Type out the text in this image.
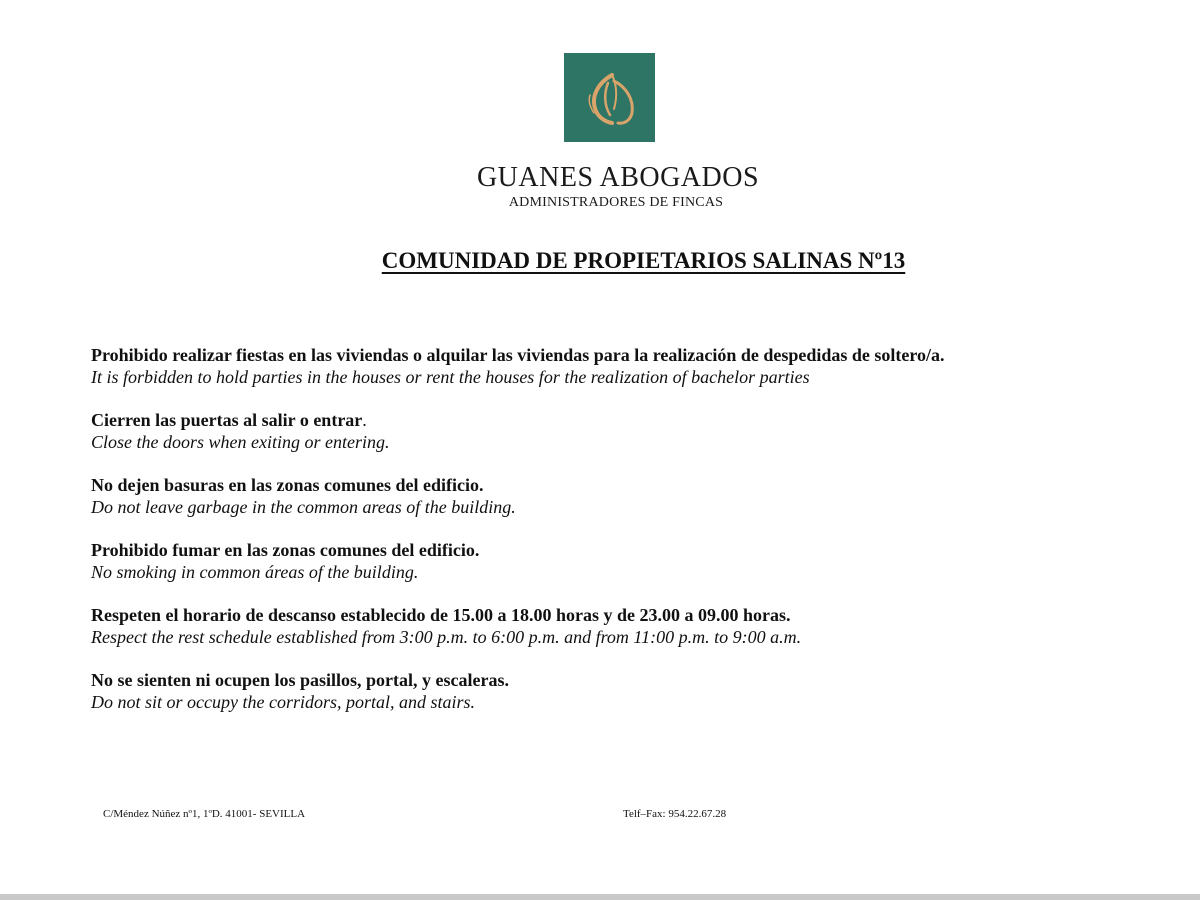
GUANES ABOGADOS
ADMINISTRADORES DE FINCAS
COMUNIDAD DE PROPIETARIOS SALINAS Nº13
Prohibido realizar fiestas en las viviendas o alquilar las viviendas para la realización de despedidas de soltero/a.
It is forbidden to hold parties in the houses or rent the houses for the realization of bachelor parties
Cierren las puertas al salir o entrar.
Close the doors when exiting or entering.
No dejen basuras en las zonas comunes del edificio.
Do not leave garbage in the common areas of the building.
Prohibido fumar en las zonas comunes del edificio.
No smoking in common áreas of the building.
Respeten el horario de descanso establecido de 15.00 a 18.00 horas y de 23.00 a 09.00 horas.
Respect the rest schedule established from 3:00 p.m. to 6:00 p.m. and from 11:00 p.m. to 9:00 a.m.
No se sienten ni ocupen los pasillos, portal, y escaleras.
Do not sit or occupy the corridors, portal, and stairs.
C/Méndez Núñez nº1, 1ºD. 41001- SEVILLA	Telf–Fax: 954.22.67.28
